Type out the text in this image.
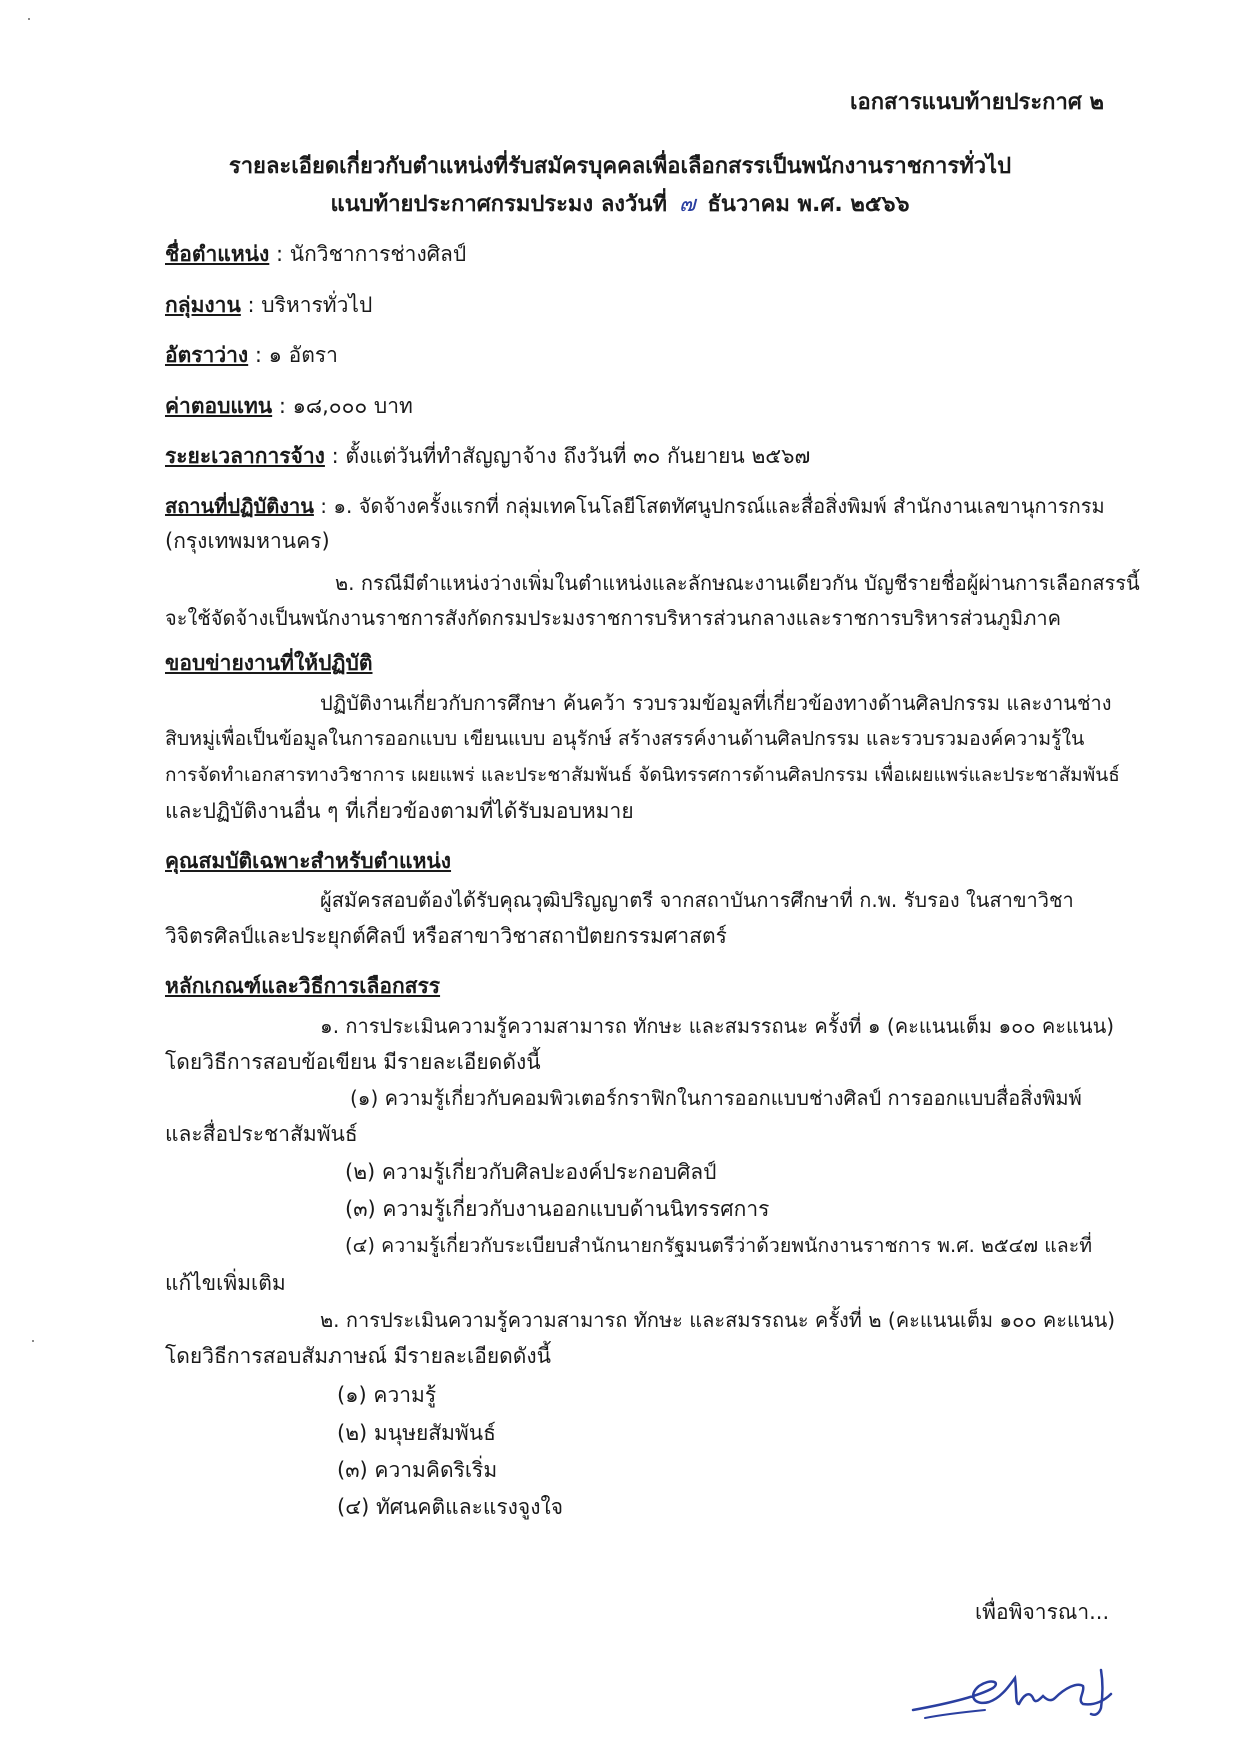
เอกสารแนบท้ายประกาศ ๒
รายละเอียดเกี่ยวกับตำแหน่งที่รับสมัครบุคคลเพื่อเลือกสรรเป็นพนักงานราชการทั่วไป
แนบท้ายประกาศกรมประมง ลงวันที่ ๗ ธันวาคม พ.ศ. ๒๕๖๖
ชื่อตำแหน่ง : นักวิชาการช่างศิลป์
กลุ่มงาน : บริหารทั่วไป
อัตราว่าง : ๑ อัตรา
ค่าตอบแทน : ๑๘,๐๐๐ บาท
ระยะเวลาการจ้าง : ตั้งแต่วันที่ทำสัญญาจ้าง ถึงวันที่ ๓๐ กันยายน ๒๕๖๗
สถานที่ปฏิบัติงาน : ๑. จัดจ้างครั้งแรกที่ กลุ่มเทคโนโลยีโสตทัศนูปกรณ์และสื่อสิ่งพิมพ์ สำนักงานเลขานุการกรม
(กรุงเทพมหานคร)
๒. กรณีมีตำแหน่งว่างเพิ่มในตำแหน่งและลักษณะงานเดียวกัน บัญชีรายชื่อผู้ผ่านการเลือกสรรนี้
จะใช้จัดจ้างเป็นพนักงานราชการสังกัดกรมประมงราชการบริหารส่วนกลางและราชการบริหารส่วนภูมิภาค
ขอบข่ายงานที่ให้ปฏิบัติ
ปฏิบัติงานเกี่ยวกับการศึกษา ค้นคว้า รวบรวมข้อมูลที่เกี่ยวข้องทางด้านศิลปกรรม และงานช่าง
สิบหมู่เพื่อเป็นข้อมูลในการออกแบบ เขียนแบบ อนุรักษ์ สร้างสรรค์งานด้านศิลปกรรม และรวบรวมองค์ความรู้ใน
การจัดทำเอกสารทางวิชาการ เผยแพร่ และประชาสัมพันธ์ จัดนิทรรศการด้านศิลปกรรม เพื่อเผยแพร่และประชาสัมพันธ์
และปฏิบัติงานอื่น ๆ ที่เกี่ยวข้องตามที่ได้รับมอบหมาย
คุณสมบัติเฉพาะสำหรับตำแหน่ง
ผู้สมัครสอบต้องได้รับคุณวุฒิปริญญาตรี จากสถาบันการศึกษาที่ ก.พ. รับรอง ในสาขาวิชา
วิจิตรศิลป์และประยุกต์ศิลป์ หรือสาขาวิชาสถาปัตยกรรมศาสตร์
หลักเกณฑ์และวิธีการเลือกสรร
๑. การประเมินความรู้ความสามารถ ทักษะ และสมรรถนะ ครั้งที่ ๑ (คะแนนเต็ม ๑๐๐ คะแนน)
โดยวิธีการสอบข้อเขียน มีรายละเอียดดังนี้
(๑) ความรู้เกี่ยวกับคอมพิวเตอร์กราฟิกในการออกแบบช่างศิลป์ การออกแบบสื่อสิ่งพิมพ์
และสื่อประชาสัมพันธ์
(๒) ความรู้เกี่ยวกับศิลปะองค์ประกอบศิลป์
(๓) ความรู้เกี่ยวกับงานออกแบบด้านนิทรรศการ
(๔) ความรู้เกี่ยวกับระเบียบสำนักนายกรัฐมนตรีว่าด้วยพนักงานราชการ พ.ศ. ๒๕๔๗ และที่
แก้ไขเพิ่มเติม
๒. การประเมินความรู้ความสามารถ ทักษะ และสมรรถนะ ครั้งที่ ๒ (คะแนนเต็ม ๑๐๐ คะแนน)
โดยวิธีการสอบสัมภาษณ์ มีรายละเอียดดังนี้
(๑) ความรู้
(๒) มนุษยสัมพันธ์
(๓) ความคิดริเริ่ม
(๔) ทัศนคติและแรงจูงใจ
เพื่อพิจารณา...
